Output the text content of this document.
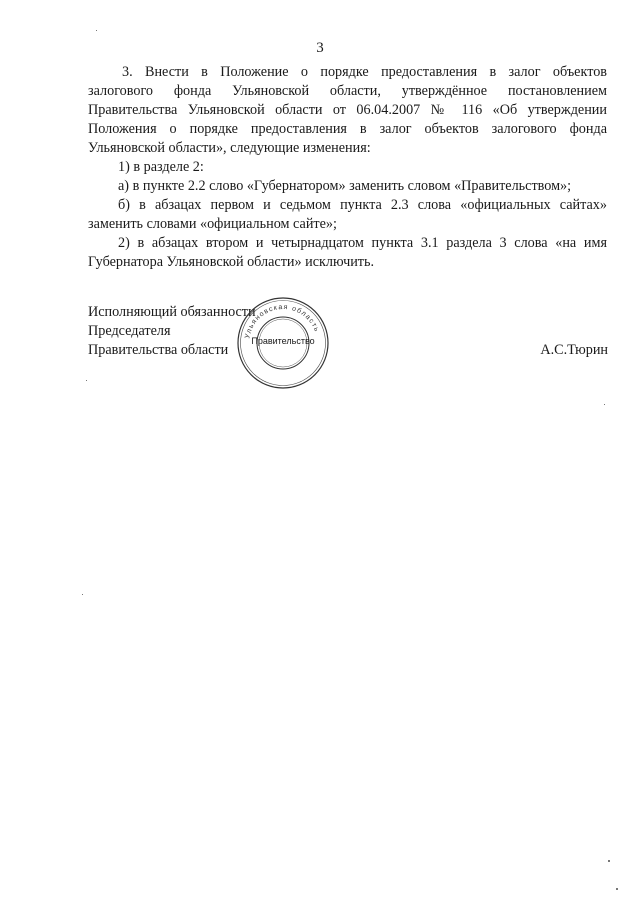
3
3. Внести в Положение о порядке предоставления в залог объектов
залогового фонда Ульяновской области, утверждённое постановлением
Правительства Ульяновской области от 06.04.2007 № 116 «Об утверждении
Положения о порядке предоставления в залог объектов залогового фонда
Ульяновской области», следующие изменения:
1) в разделе 2:
а) в пункте 2.2 слово «Губернатором» заменить словом «Правительством»;
б) в абзацах первом и седьмом пункта 2.3 слова «официальных сайтах»
заменить словами «официальном сайте»;
2) в абзацах втором и четырнадцатом пункта 3.1 раздела 3 слова «на имя
Губернатора Ульяновской области» исключить.
Исполняющий обязанности
Председателя
Правительства области	А.С.Тюрин
Ульяновская область
Правительство
